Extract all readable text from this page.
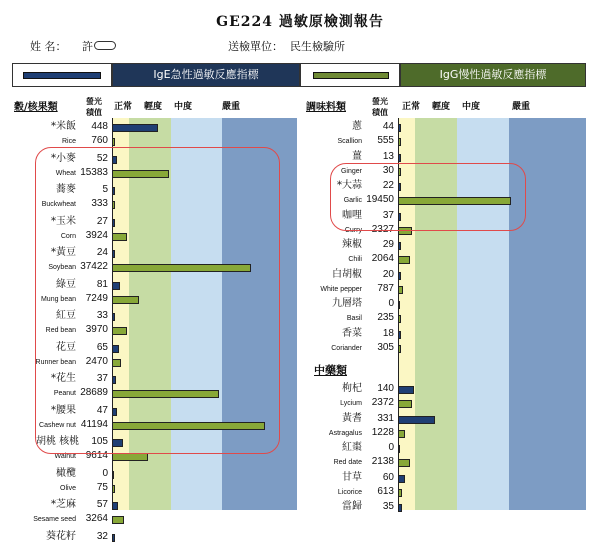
GE224 過敏原檢測報告
姓 名： 許	送檢單位： 民生檢驗所
IgE急性過敏反應指標	IgG慢性過敏反應指標
穀/核果類
螢光積值 正常 輕度 中度	嚴重	調味料類
螢光積值 正常 輕度 中度	嚴重
*米飯	448
Rice	760
*小麥	52
Wheat 15383
蕎麥	5
Buckwheat	333
*玉米	27
Corn 3924
*黃豆	24
Soybean 37422
綠豆	81
Mung bean 7249
紅豆	33
Red bean 3970
花豆	65
Runner bean 2470
*花生	37
Peanut 28689
*腰果	47
Cashew nut 41194
胡桃 核桃	105
Walnut 9614
橄欖	0
Olive	75
*芝麻	57
Sesame seed 3264
葵花籽	32
蔥	44
Scallion	555
薑	13
Ginger	30
*大蒜	22
Garlic 19450
咖哩	37
Curry 2327
辣椒	29
Chili 2064
白胡椒	20
White pepper	787
九層塔	0
Basil	235
香菜	18
Coriander	305
枸杞	140
Lycium 2372
黃耆	331
Astragalus 1228
紅棗	0
Red date 2138
甘草	60
Licorice	613
當歸	35
中藥類
